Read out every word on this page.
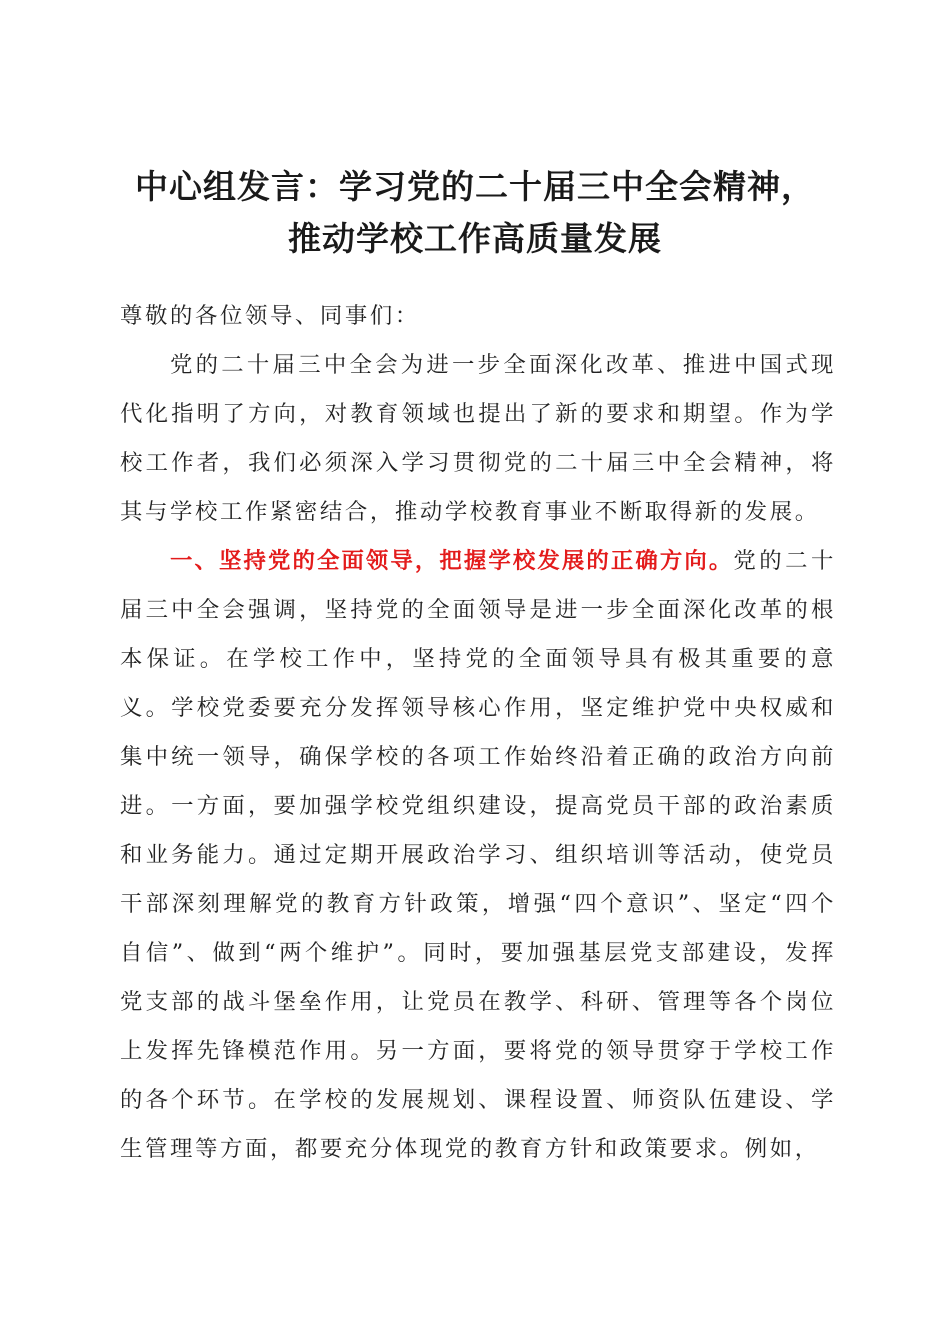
中心组发言：学习党的二十届三中全会精神，
推动学校工作高质量发展
尊敬的各位领导、同事们：
党的二十届三中全会为进一步全面深化改革、推进中国式现代化指明了方向，对教育领域也提出了新的要求和期望。作为学校工作者，我们必须深入学习贯彻党的二十届三中全会精神，将其与学校工作紧密结合，推动学校教育事业不断取得新的发展。
一、坚持党的全面领导，把握学校发展的正确方向。党的二十届三中全会强调，坚持党的全面领导是进一步全面深化改革的根本保证。在学校工作中，坚持党的全面领导具有极其重要的意义。学校党委要充分发挥领导核心作用，坚定维护党中央权威和集中统一领导，确保学校的各项工作始终沿着正确的政治方向前进。一方面，要加强学校党组织建设，提高党员干部的政治素质和业务能力。通过定期开展政治学习、组织培训等活动，使党员干部深刻理解党的教育方针政策，增强“四个意识”、坚定“四个自信”、做到“两个维护”。同时，要加强基层党支部建设，发挥党支部的战斗堡垒作用，让党员在教学、科研、管理等各个岗位上发挥先锋模范作用。另一方面，要将党的领导贯穿于学校工作的各个环节。在学校的发展规划、课程设置、师资队伍建设、学生管理等方面，都要充分体现党的教育方针和政策要求。例如，
